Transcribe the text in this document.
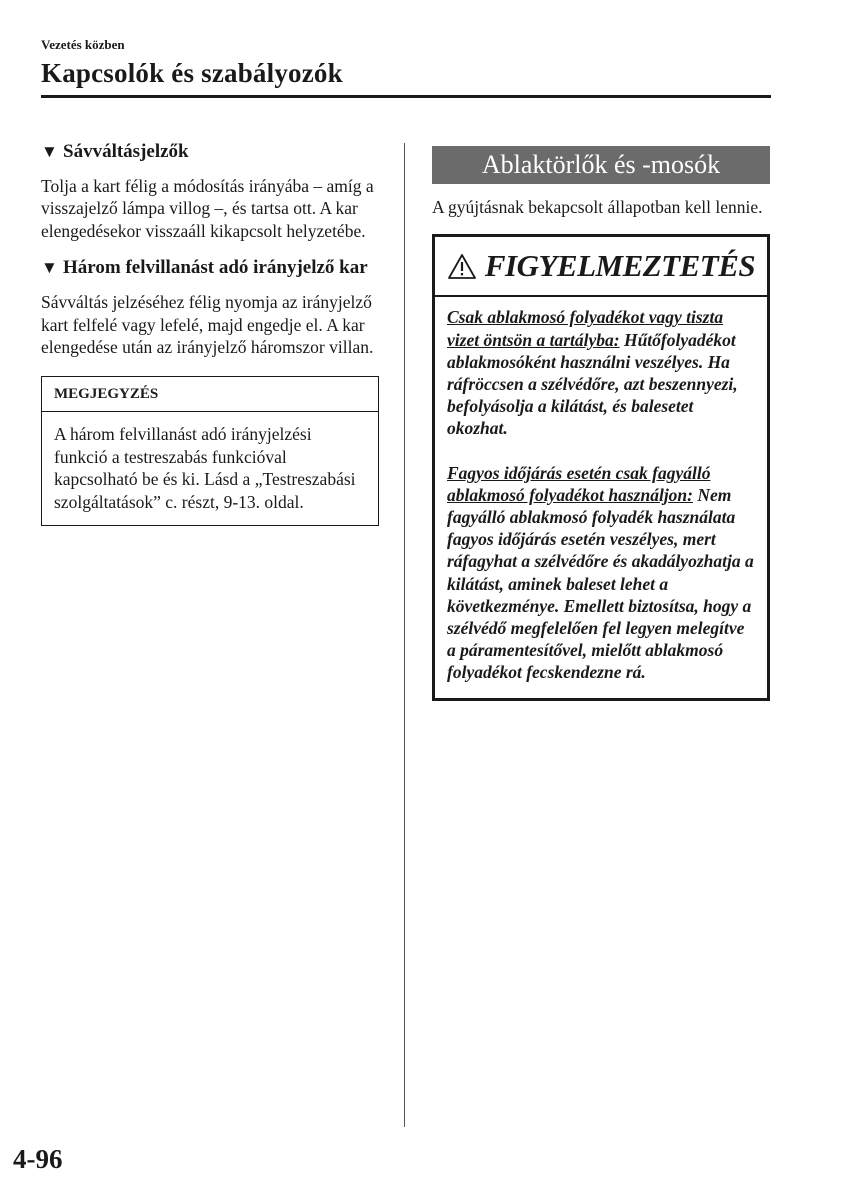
Vezetés közben
Kapcsolók és szabályozók
▼ Sávváltásjelzők

Tolja a kart félig a módosítás irányába – amíg a visszajelző lámpa villog –, és tartsa ott. A kar elengedésekor visszaáll kikapcsolt helyzetébe.

▼ Három felvillanást adó irányjelző kar

Sávváltás jelzéséhez félig nyomja az irányjelző kart felfelé vagy lefelé, majd engedje el. A kar elengedése után az irányjelző háromszor villan.

MEGJEGYZÉS
A három felvillanást adó irányjelzési funkció a testreszabás funkcióval kapcsolható be és ki. Lásd a „Testreszabási szolgáltatások” c. részt, 9-13. oldal.
Ablaktörlők és -mosók

A gyújtásnak bekapcsolt állapotban kell lennie.

FIGYELMEZTETÉS
Csak ablakmosó folyadékot vagy tiszta vizet öntsön a tartályba: Hűtőfolyadékot ablakmosóként használni veszélyes. Ha ráfröccsen a szélvédőre, azt beszennyezi, befolyásolja a kilátást, és balesetet okozhat.
Fagyos időjárás esetén csak fagyálló ablakmosó folyadékot használjon: Nem fagyálló ablakmosó folyadék használata fagyos időjárás esetén veszélyes, mert ráfagyhat a szélvédőre és akadályozhatja a kilátást, aminek baleset lehet a következménye. Emellett biztosítsa, hogy a szélvédő megfelelően fel legyen melegítve a páramentesítővel, mielőtt ablakmosó folyadékot fecskendezne rá.
4-96
